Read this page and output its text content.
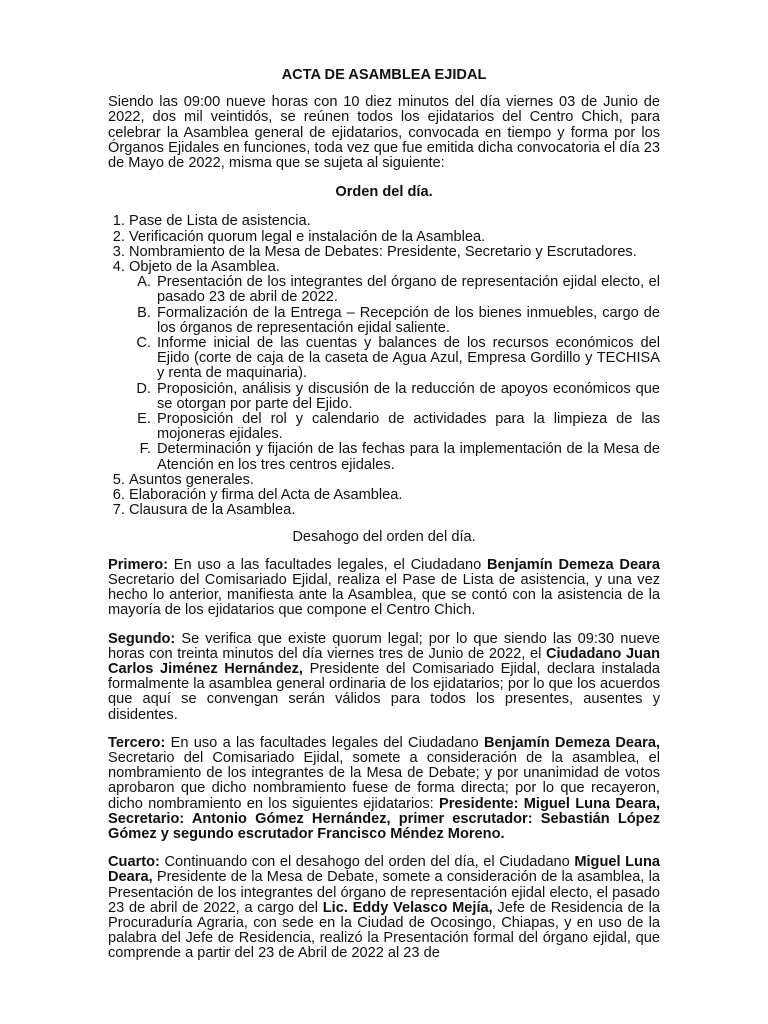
ACTA DE ASAMBLEA EJIDAL

Siendo las 09:00 nueve horas con 10 diez minutos del día viernes 03 de Junio de 2022, dos mil veintidós, se reúnen todos los ejidatarios del Centro Chich, para celebrar la Asamblea general de ejidatarios, convocada en tiempo y forma por los Órganos Ejidales en funciones, toda vez que fue emitida dicha convocatoria el día 23 de Mayo de 2022, misma que se sujeta al siguiente:

Orden del día.
1. Pase de Lista de asistencia.
2. Verificación quorum legal e instalación de la Asamblea.
3. Nombramiento de la Mesa de Debates: Presidente, Secretario y Escrutadores.
4. Objeto de la Asamblea.
A. Presentación de los integrantes del órgano de representación ejidal electo, el pasado 23 de abril de 2022.
B. Formalización de la Entrega – Recepción de los bienes inmuebles, cargo de los órganos de representación ejidal saliente.
C. Informe inicial de las cuentas y balances de los recursos económicos del Ejido (corte de caja de la caseta de Agua Azul, Empresa Gordillo y TECHISA y renta de maquinaria).
D. Proposición, análisis y discusión de la reducción de apoyos económicos que se otorgan por parte del Ejido.
E. Proposición del rol y calendario de actividades para la limpieza de las mojoneras ejidales.
F. Determinación y fijación de las fechas para la implementación de la Mesa de Atención en los tres centros ejidales.
5. Asuntos generales.
6. Elaboración y firma del Acta de Asamblea.
7. Clausura de la Asamblea.
Desahogo del orden del día.

Primero: En uso a las facultades legales, el Ciudadano Benjamín Demeza Deara Secretario del Comisariado Ejidal, realiza el Pase de Lista de asistencia, y una vez hecho lo anterior, manifiesta ante la Asamblea, que se contó con la asistencia de la mayoría de los ejidatarios que compone el Centro Chich.

Segundo: Se verifica que existe quorum legal; por lo que siendo las 09:30 nueve horas con treinta minutos del día viernes tres de Junio de 2022, el Ciudadano Juan Carlos Jiménez Hernández, Presidente del Comisariado Ejidal, declara instalada formalmente la asamblea general ordinaria de los ejidatarios; por lo que los acuerdos que aquí se convengan serán válidos para todos los presentes, ausentes y disidentes.

Tercero: En uso a las facultades legales del Ciudadano Benjamín Demeza Deara, Secretario del Comisariado Ejidal, somete a consideración de la asamblea, el nombramiento de los integrantes de la Mesa de Debate; y por unanimidad de votos aprobaron que dicho nombramiento fuese de forma directa; por lo que recayeron, dicho nombramiento en los siguientes ejidatarios: Presidente: Miguel Luna Deara, Secretario: Antonio Gómez Hernández, primer escrutador: Sebastián López Gómez y segundo escrutador Francisco Méndez Moreno.

Cuarto: Continuando con el desahogo del orden del día, el Ciudadano Miguel Luna Deara, Presidente de la Mesa de Debate, somete a consideración de la asamblea, la Presentación de los integrantes del órgano de representación ejidal electo, el pasado 23 de abril de 2022, a cargo del Lic. Eddy Velasco Mejía, Jefe de Residencia de la Procuraduría Agraria, con sede en la Ciudad de Ocosingo, Chiapas, y en uso de la palabra del Jefe de Residencia, realizó la Presentación formal del órgano ejidal, que comprende a partir del 23 de Abril de 2022 al 23 de
